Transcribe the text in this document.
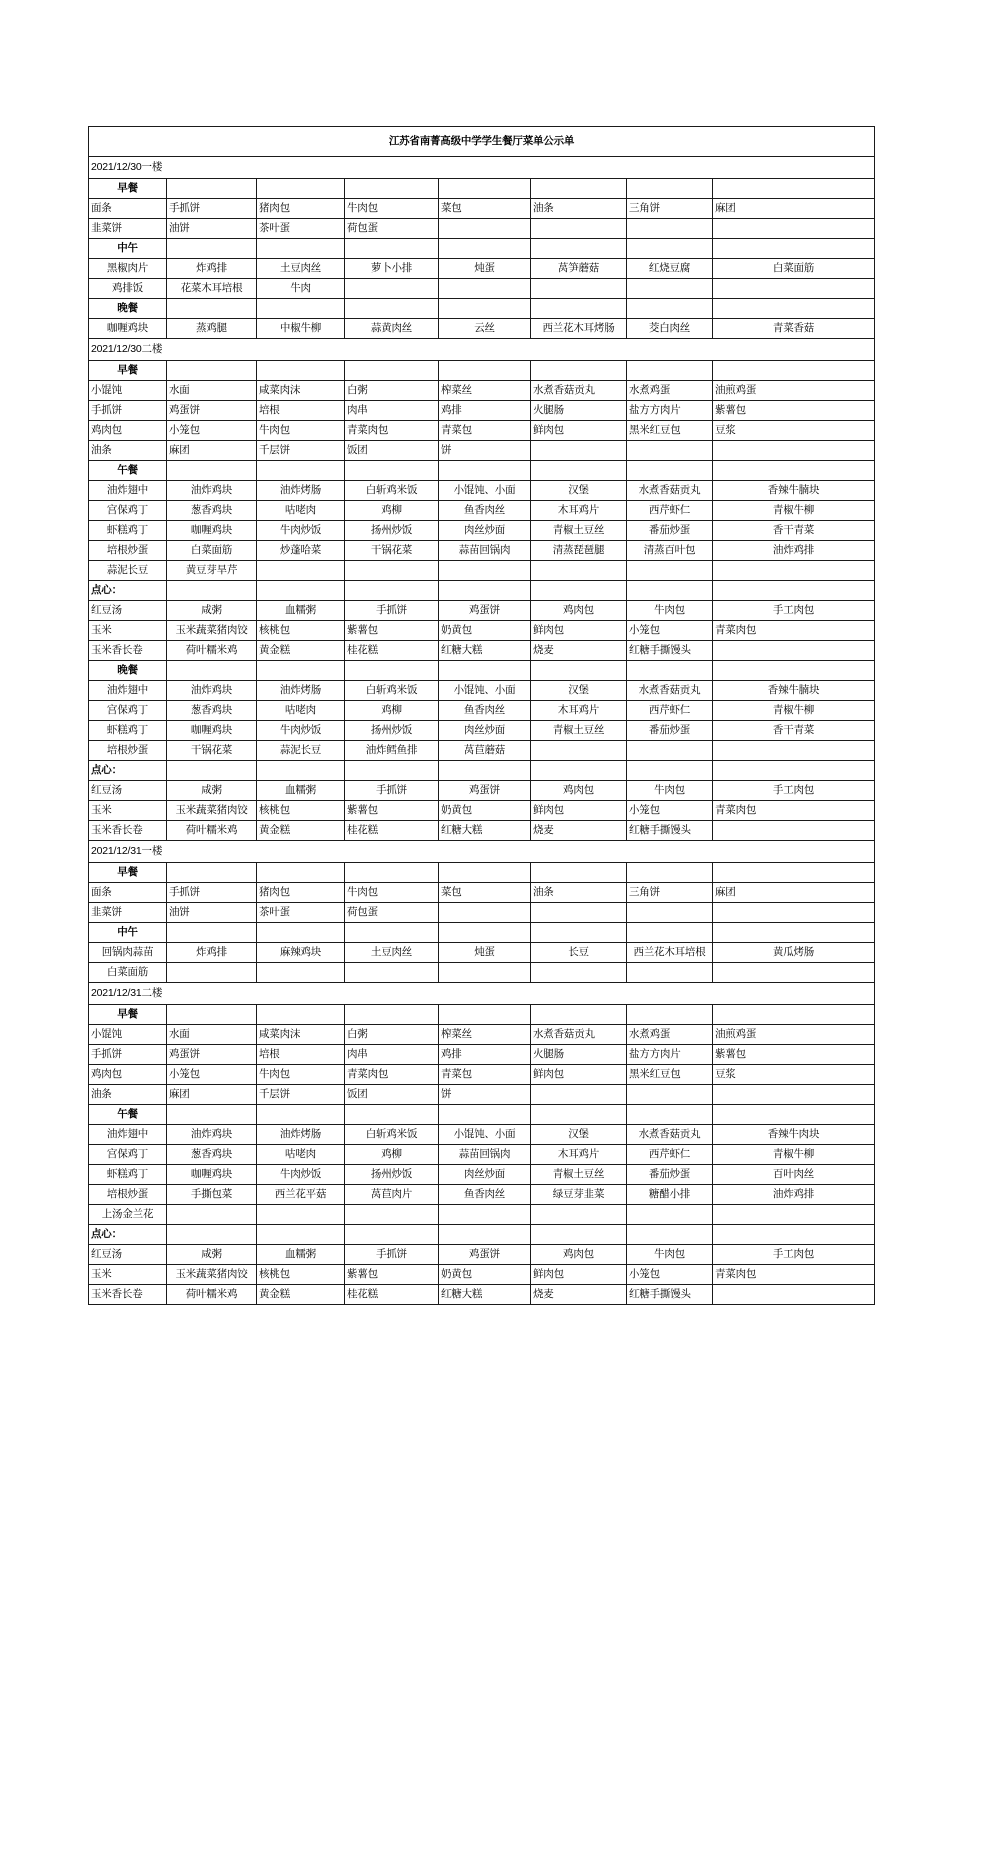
江苏省南菁高级中学学生餐厅菜单公示单							
2021/12/30一楼							
早餐							
面条	手抓饼	猪肉包	牛肉包	菜包	油条	三角饼	麻团
韭菜饼	油饼	茶叶蛋	荷包蛋				
中午							
黑椒肉片	炸鸡排	土豆肉丝	萝卜小排	炖蛋	莴笋蘑菇	红烧豆腐	白菜面筋
鸡排饭	花菜木耳培根	牛肉					
晚餐							
咖喱鸡块	蒸鸡腿	中椒牛柳	蒜黄肉丝	云丝	西兰花木耳烤肠	茭白肉丝	青菜香菇
2021/12/30二楼							
早餐							
小馄饨	水面	咸菜肉沫	白粥	榨菜丝	水煮香菇贡丸	水煮鸡蛋	油煎鸡蛋
手抓饼	鸡蛋饼	培根	肉串	鸡排	火腿肠	盐方方肉片	紫薯包
鸡肉包	小笼包	牛肉包	青菜肉包	青菜包	鲜肉包	黑米红豆包	豆浆
油条	麻团	千层饼	饭团	饼			
午餐							
油炸翅中	油炸鸡块	油炸烤肠	白斩鸡米饭	小馄饨、小面	汉堡	水煮香菇贡丸	香辣牛腩块
宫保鸡丁	葱香鸡块	咕咾肉	鸡柳	鱼香肉丝	木耳鸡片	西芹虾仁	青椒牛柳
虾糕鸡丁	咖喱鸡块	牛肉炒饭	扬州炒饭	肉丝炒面	青椒土豆丝	番茄炒蛋	香干青菜
培根炒蛋	白菜面筋	炒蓬哈菜	干锅花菜	蒜苗回锅肉	清蒸琵琶腿	清蒸百叶包	油炸鸡排
蒜泥长豆	黄豆芽旱芹						
点心：							
红豆汤	咸粥	血糯粥	手抓饼	鸡蛋饼	鸡肉包	牛肉包	手工肉包
玉米	玉米蔬菜猪肉饺	核桃包	紫薯包	奶黄包	鲜肉包	小笼包	青菜肉包
玉米香长卷	荷叶糯米鸡	黄金糕	桂花糕	红糖大糕	烧麦	红糖手撕馒头	
晚餐							
油炸翅中	油炸鸡块	油炸烤肠	白斩鸡米饭	小馄饨、小面	汉堡	水煮香菇贡丸	香辣牛腩块
宫保鸡丁	葱香鸡块	咕咾肉	鸡柳	鱼香肉丝	木耳鸡片	西芹虾仁	青椒牛柳
虾糕鸡丁	咖喱鸡块	牛肉炒饭	扬州炒饭	肉丝炒面	青椒土豆丝	番茄炒蛋	香干青菜
培根炒蛋	干锅花菜	蒜泥长豆	油炸鳕鱼排	莴苣蘑菇			
点心：							
红豆汤	咸粥	血糯粥	手抓饼	鸡蛋饼	鸡肉包	牛肉包	手工肉包
玉米	玉米蔬菜猪肉饺	核桃包	紫薯包	奶黄包	鲜肉包	小笼包	青菜肉包
玉米香长卷	荷叶糯米鸡	黄金糕	桂花糕	红糖大糕	烧麦	红糖手撕馒头	
2021/12/31一楼							
早餐							
面条	手抓饼	猪肉包	牛肉包	菜包	油条	三角饼	麻团
韭菜饼	油饼	茶叶蛋	荷包蛋				
中午							
回锅肉蒜苗	炸鸡排	麻辣鸡块	土豆肉丝	炖蛋	长豆	西兰花木耳培根	黄瓜烤肠
白菜面筋							
2021/12/31二楼							
早餐							
小馄饨	水面	咸菜肉沫	白粥	榨菜丝	水煮香菇贡丸	水煮鸡蛋	油煎鸡蛋
手抓饼	鸡蛋饼	培根	肉串	鸡排	火腿肠	盐方方肉片	紫薯包
鸡肉包	小笼包	牛肉包	青菜肉包	青菜包	鲜肉包	黑米红豆包	豆浆
油条	麻团	千层饼	饭团	饼			
午餐							
油炸翅中	油炸鸡块	油炸烤肠	白斩鸡米饭	小馄饨、小面	汉堡	水煮香菇贡丸	香辣牛肉块
宫保鸡丁	葱香鸡块	咕咾肉	鸡柳	蒜苗回锅肉	木耳鸡片	西芹虾仁	青椒牛柳
虾糕鸡丁	咖喱鸡块	牛肉炒饭	扬州炒饭	肉丝炒面	青椒土豆丝	番茄炒蛋	百叶肉丝
培根炒蛋	手撕包菜	西兰花平菇	莴苣肉片	鱼香肉丝	绿豆芽韭菜	糖醋小排	油炸鸡排
上汤金兰花							
点心：							
红豆汤	咸粥	血糯粥	手抓饼	鸡蛋饼	鸡肉包	牛肉包	手工肉包
玉米	玉米蔬菜猪肉饺	核桃包	紫薯包	奶黄包	鲜肉包	小笼包	青菜肉包
玉米香长卷	荷叶糯米鸡	黄金糕	桂花糕	红糖大糕	烧麦	红糖手撕馒头	
